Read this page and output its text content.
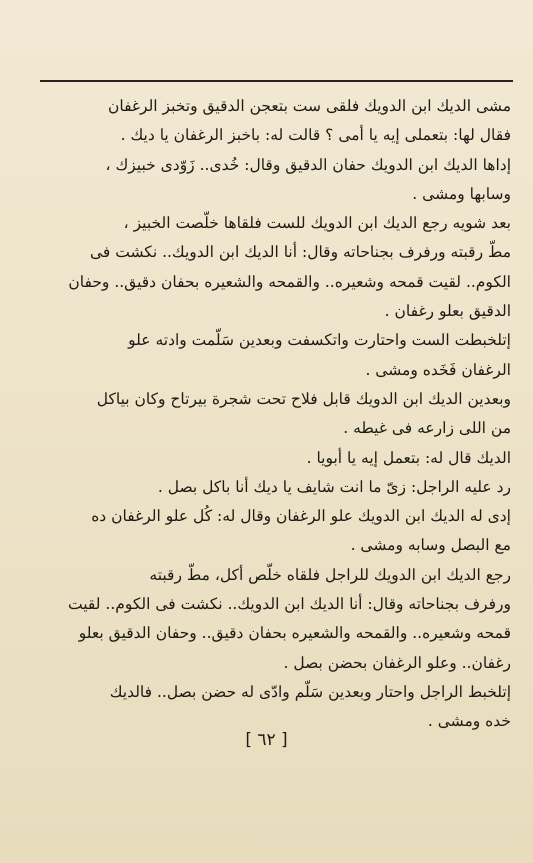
مشى الديك ابن الدويك فلقى ست بتعجن الدقيق وتخبز الرغفان
فقال لها: بتعملى إيه يا أمى ؟ قالت له: باخبز الرغفان يا ديك .
إداها الديك ابن الدويك حفان الدقيق وقال: خُدى.. زَوّدى خبيزك ،
وسابها ومشى .
بعد شويه رجع الديك ابن الدويك للست فلقاها خلّصت الخبيز ،
مطّ رقبته ورفرف بجناحاته وقال: أنا الديك ابن الدويك.. نكشت فى
الكوم.. لقيت قمحه وشعيره.. والقمحه والشعيره بحفان دقيق.. وحفان
الدقيق بعلو رغفان .
إتلخبطت الست واحتارت واتكسفت وبعدين سَلّمت وادته علو
الرغفان فَخَده ومشى .
وبعدين الديك ابن الدويك قابل فلاح تحت شجرة بيرتاح وكان بياكل
من اللى زارعه فى غيطه .
الديك قال له: بتعمل إيه يا أبويا .
رد عليه الراجل: زىّ ما انت شايف يا ديك أنا باكل بصل .
إدى له الديك ابن الدويك علو الرغفان وقال له: كُل علو الرغفان ده
مع البصل وسابه ومشى .
رجع الديك ابن الدويك للراجل فلقاه خلّص أكل، مطّ رقبته
ورفرف بجناحاته وقال: أنا الديك ابن الدويك.. نكشت فى الكوم.. لقيت
قمحه وشعيره.. والقمحه والشعيره بحفان دقيق.. وحفان الدقيق بعلو
رغفان.. وعلو الرغفان بحضن بصل .
إتلخبط الراجل واحتار وبعدين سَلّم وادّى له حضن بصل.. فالديك
خده ومشى .
[ ٦٢ ]
